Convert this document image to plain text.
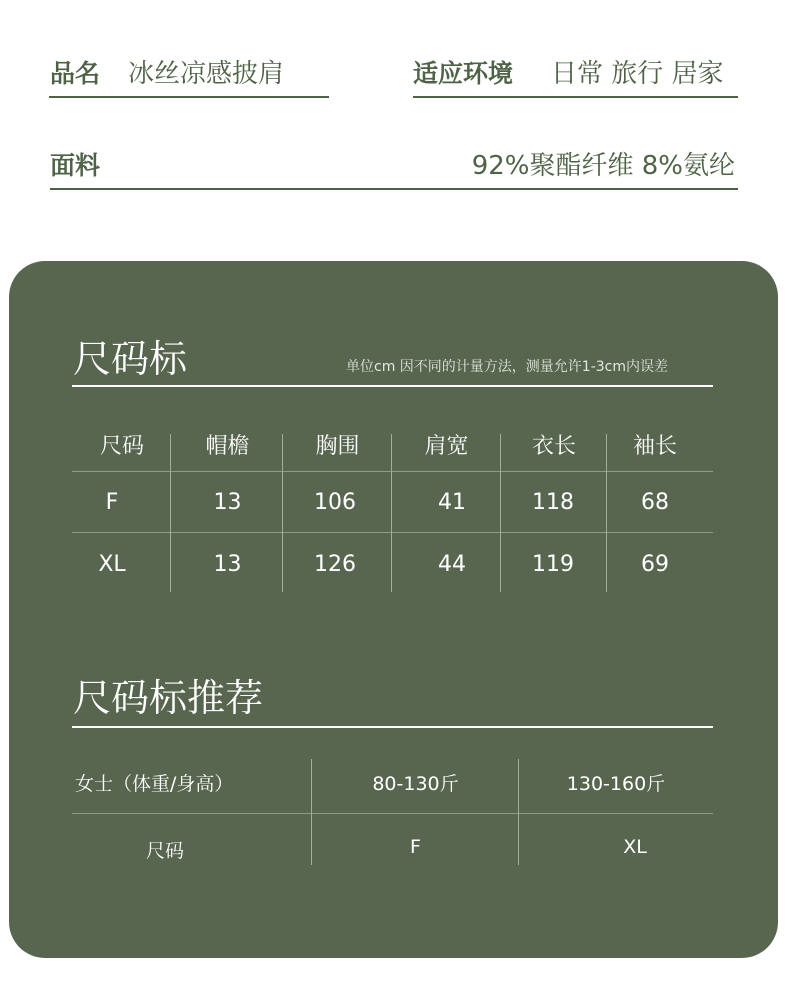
品名 冰丝凉感披肩	适应环境 日常 旅行 居家
面料	92%聚酯纤维 8%氨纶
尺码标	单位cm 因不同的计量方法，测量允许1-3cm内误差
尺码	帽檐	胸围	肩宽	衣长	袖长
F	13	106	41	118	68
XL	13	126	44	119	69
尺码标推荐
女士（体重/身高）	80-130斤	130-160斤
尺码	F	XL
